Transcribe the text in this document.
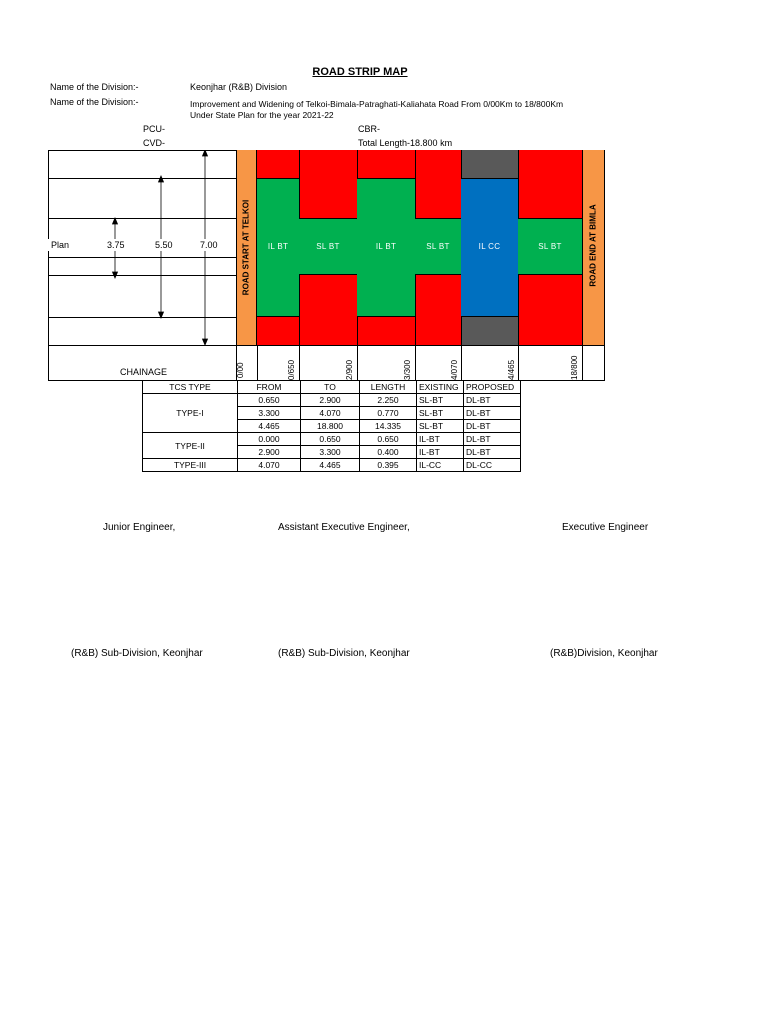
ROAD STRIP MAP
Name of the Division:-	Keonjhar (R&B) Division
Name of the Division:-	Improvement and Widening of Telkoi-Bimala-Patraghati-Kaliahata Road From 0/00Km to 18/800Km
Under State Plan for the year 2021-22
PCU-
CVD-
CBR-
Total Length-18.800 km
Plan	3.75	5.50	7.00	ROAD START AT TELKOI	ROAD END AT BIMLA
IL BT	SL BT	IL BT	SL BT	IL CC	SL BT
CHAINAGE	0/00	0/650	2/900	3/300	4/070	4/465	18/800
TCS TYPE	FROM	TO	LENGTH	EXISTING	PROPOSED
TYPE-I	0.650	2.900	2.250	SL-BT	DL-BT
	3.300	4.070	0.770	SL-BT	DL-BT
	4.465	18.800	14.335	SL-BT	DL-BT
TYPE-II	0.000	0.650	0.650	IL-BT	DL-BT
	2.900	3.300	0.400	IL-BT	DL-BT
TYPE-III	4.070	4.465	0.395	IL-CC	DL-CC
Junior Engineer,	Assistant Executive Engineer,	Executive Engineer
(R&B) Sub-Division, Keonjhar	(R&B) Sub-Division, Keonjhar	(R&B)Division, Keonjhar
